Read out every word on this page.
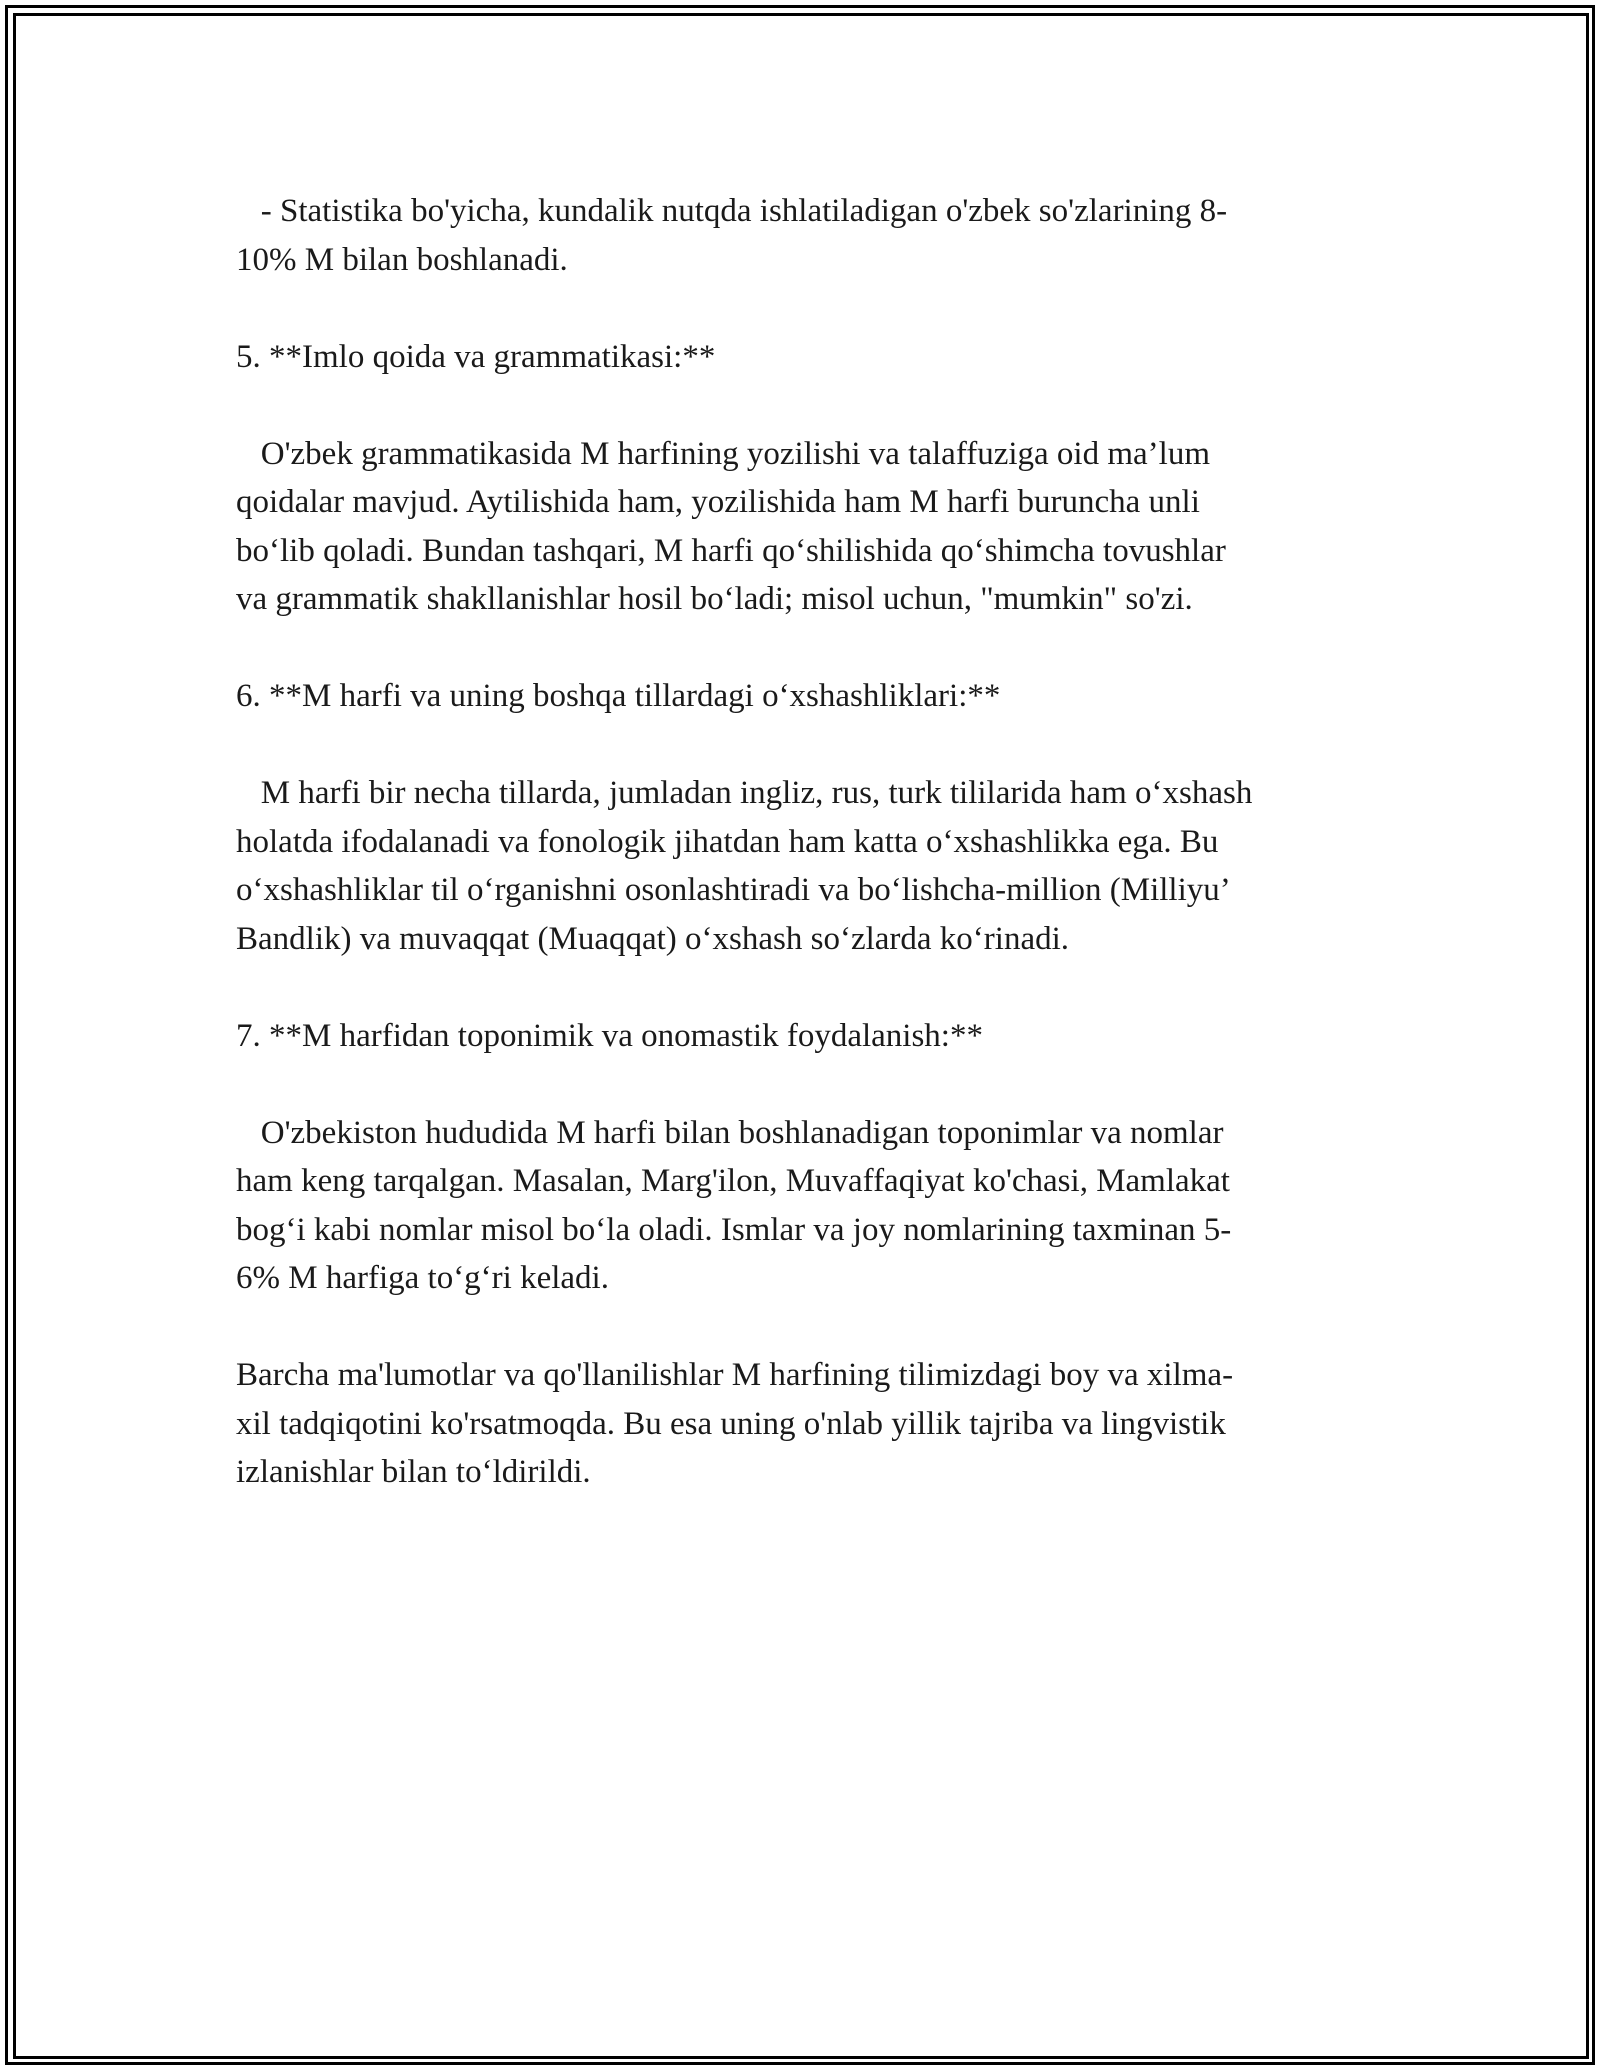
- Statistika bo'yicha, kundalik nutqda ishlatiladigan o'zbek so'zlarining 8-
10% M bilan boshlanadi.

5. **Imlo qoida va grammatikasi:**

O'zbek grammatikasida M harfining yozilishi va talaffuziga oid ma’lum
qoidalar mavjud. Aytilishida ham, yozilishida ham M harfi buruncha unli
bo‘lib qoladi. Bundan tashqari, M harfi qo‘shilishida qo‘shimcha tovushlar
va grammatik shakllanishlar hosil bo‘ladi; misol uchun, "mumkin" so'zi.

6. **M harfi va uning boshqa tillardagi o‘xshashliklari:**

M harfi bir necha tillarda, jumladan ingliz, rus, turk tililarida ham o‘xshash
holatda ifodalanadi va fonologik jihatdan ham katta o‘xshashlikka ega. Bu
o‘xshashliklar til o‘rganishni osonlashtiradi va bo‘lishcha-million (Milliyu’
Bandlik) va muvaqqat (Muaqqat) o‘xshash so‘zlarda ko‘rinadi.

7. **M harfidan toponimik va onomastik foydalanish:**

O'zbekiston hududida M harfi bilan boshlanadigan toponimlar va nomlar
ham keng tarqalgan. Masalan, Marg'ilon, Muvaffaqiyat ko'chasi, Mamlakat
bog‘i kabi nomlar misol bo‘la oladi. Ismlar va joy nomlarining taxminan 5-
6% M harfiga to‘g‘ri keladi.

Barcha ma'lumotlar va qo'llanilishlar M harfining tilimizdagi boy va xilma-
xil tadqiqotini ko'rsatmoqda. Bu esa uning o'nlab yillik tajriba va lingvistik
izlanishlar bilan to‘ldirildi.
